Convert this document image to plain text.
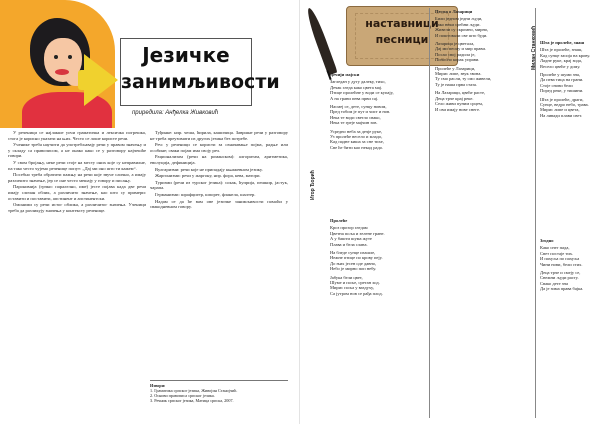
Језичке
занимљивости
приредила: Анђелка Живковић

У реченици се најлакше уочи граматичка и лексичка погрешка, стога је корисно указати на њих. Често се лоше користе речи.

Ученике треба научити да употребљавају речи у правом значењу и у складу са правописом, а не онако како се у разговору најчешће говори.

У свом бројању, неке речи стоје на месту оних које су неправилне, па тако често чујемо реченице попут: „Дај ми оно што ти кажем“.

Посебно треба обратити пажњу на речи које звуче слично, а имају различито значење, јер се оне често мешају у говору и писању.

Паронимија (грчки: паралелно, име) јесте појава када две речи имају сличан облик, а различито значење, као што су примери: оставити и поставити, апстинент и апстинентски.

Омоними су речи истог облика, а различитог значења. Ученици треба да разликују значења у контексту реченице.

Туђинке: нпр. чеша, ћирила, кашичица. Завршне речи у разговору не треба преузимати из других језика без потребе.

Реч: у реченици се користи за означавање појма, радње или особине; сваки појам има своју реч.

Рационализам (речи на романском): алгоритам, аритметика, еволуција, дефиниција.

Вулгаризми: речи које не припадају књижевном језику.

Жаргонизми: речи у жаргону, нпр. фора, кева, матори.

Туризми (речи из турског језика): сокак, ћуприја, пешкир, јастук, чарапа.

Германизми: шрафцигер, шпорет, фланела, шалтер.

Надам се да ће вам ове језичке занимљивости помоћи у свакодневном говору.

Извори:
1. Граматика српског језика, Живојин Станојчић.
2. Основи правописа српског језика.
3. Речник српског језика, Матица српска, 2007.
наставници
песници
Игор Ђорић
Милан Станковић
Дечији мајски
Загледан у дугу далеку, тихо,
Дечак гледа како цвета мај.
Птице пролећне у води се купају,
А на грани пева први сај.
Насмеј се, дете, сунцу новом,
Пред тобом је пут и чист и нов.
Нека те води светло свако,
Нека те греје мајчин зов.
Усредно неба за дечје руке,
Уз пролеће весело и младо,
Кад падне киша за сне тихе,
Све ће бити као некад радо.
Пролеће
Кроз прозор гледам
Цветна поља и зелене гране.
А у башти шума жуте
Плава и бела слана.
На бледе сунце изашле,
Нежне птице по крову пеју.
До њих јесен оде давно,
Небо је мирно поп небу.
Јабука бели цвет,
Шуме и поље, сретан ход.
Мирис поља у ваздуху,
Са јутром нов се рађа плод.
Песма о Лазарици
Били једном једни људи,
Тако неки срећни људи.
Живели су скромно, мирно,
И поштовали све што буди.
Лазарица је цветала,
Дај ми песму и мир прави.
Посао свој радила је,
Поносно корак управи.
Пролеће у Лазарици,
Мирис липе, звук звона.
Ту смо расли, ту смо живели,
Ту је наша прва стаза.
На Лазарици, цвеће расте,
Деца трче крај реке.
Село живи пуним срцем,
И сви имају нове снеге.
Шта је пролеће, знаш
Шта је пролеће, знаш,
Кад сунце засија на крову.
Ладне руке, крај зида,
Весело цвеће у дому.
Пролеће у шуми зна,
Да пева тица на грани.
Стоје снови бели
Поред реке, у тишини.
Шта је пролеће, драги,
Сунце, ведро небо, трава.
Мирис липе и цвета,
На ливади плави свет.
Згодно
Како снег пада,
Свет постаје тих.
И пахуља по пахуља
Чини нови, бели стих.
Деца трче и смеју се,
Снежни људи расту.
Свако дете зна
Да је зима права бајка.
